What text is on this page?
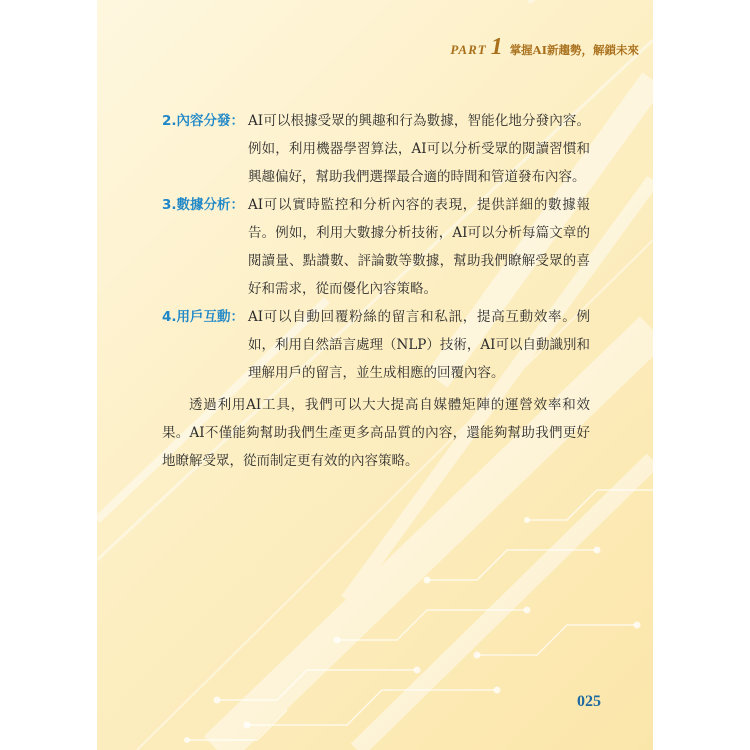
PART 1 掌握AI新趨勢，解鎖未來
2.內容分發： AI可以根據受眾的興趣和行為數據，智能化地分發內容。例如，利用機器學習算法，AI可以分析受眾的閱讀習慣和興趣偏好，幫助我們選擇最合適的時間和管道發布內容。
3.數據分析： AI可以實時監控和分析內容的表現，提供詳細的數據報告。例如，利用大數據分析技術，AI可以分析每篇文章的閱讀量、點讚數、評論數等數據，幫助我們瞭解受眾的喜好和需求，從而優化內容策略。
4.用戶互動： AI可以自動回覆粉絲的留言和私訊，提高互動效率。例如，利用自然語言處理（NLP）技術，AI可以自動識別和理解用戶的留言，並生成相應的回覆內容。
透過利用AI工具，我們可以大大提高自媒體矩陣的運營效率和效果。AI不僅能夠幫助我們生產更多高品質的內容，還能夠幫助我們更好地瞭解受眾，從而制定更有效的內容策略。
025
